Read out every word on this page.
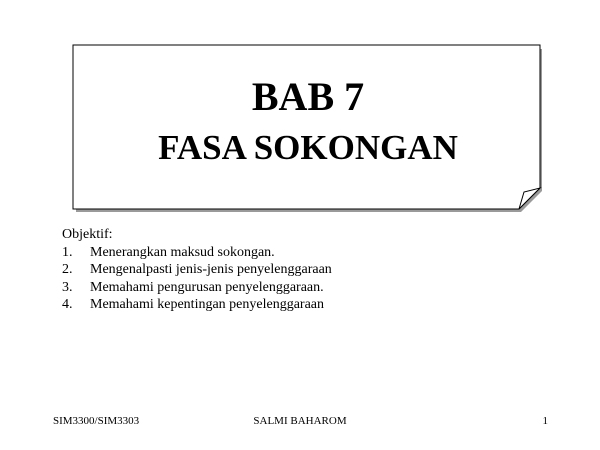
BAB 7
FASA SOKONGAN
Objektif:
1.	Menerangkan maksud sokongan.
2.	Mengenalpasti jenis-jenis penyelenggaraan
3.	Memahami pengurusan penyelenggaraan.
4.	Memahami kepentingan penyelenggaraan
SIM3300/SIM3303	SALMI BAHAROM	1
